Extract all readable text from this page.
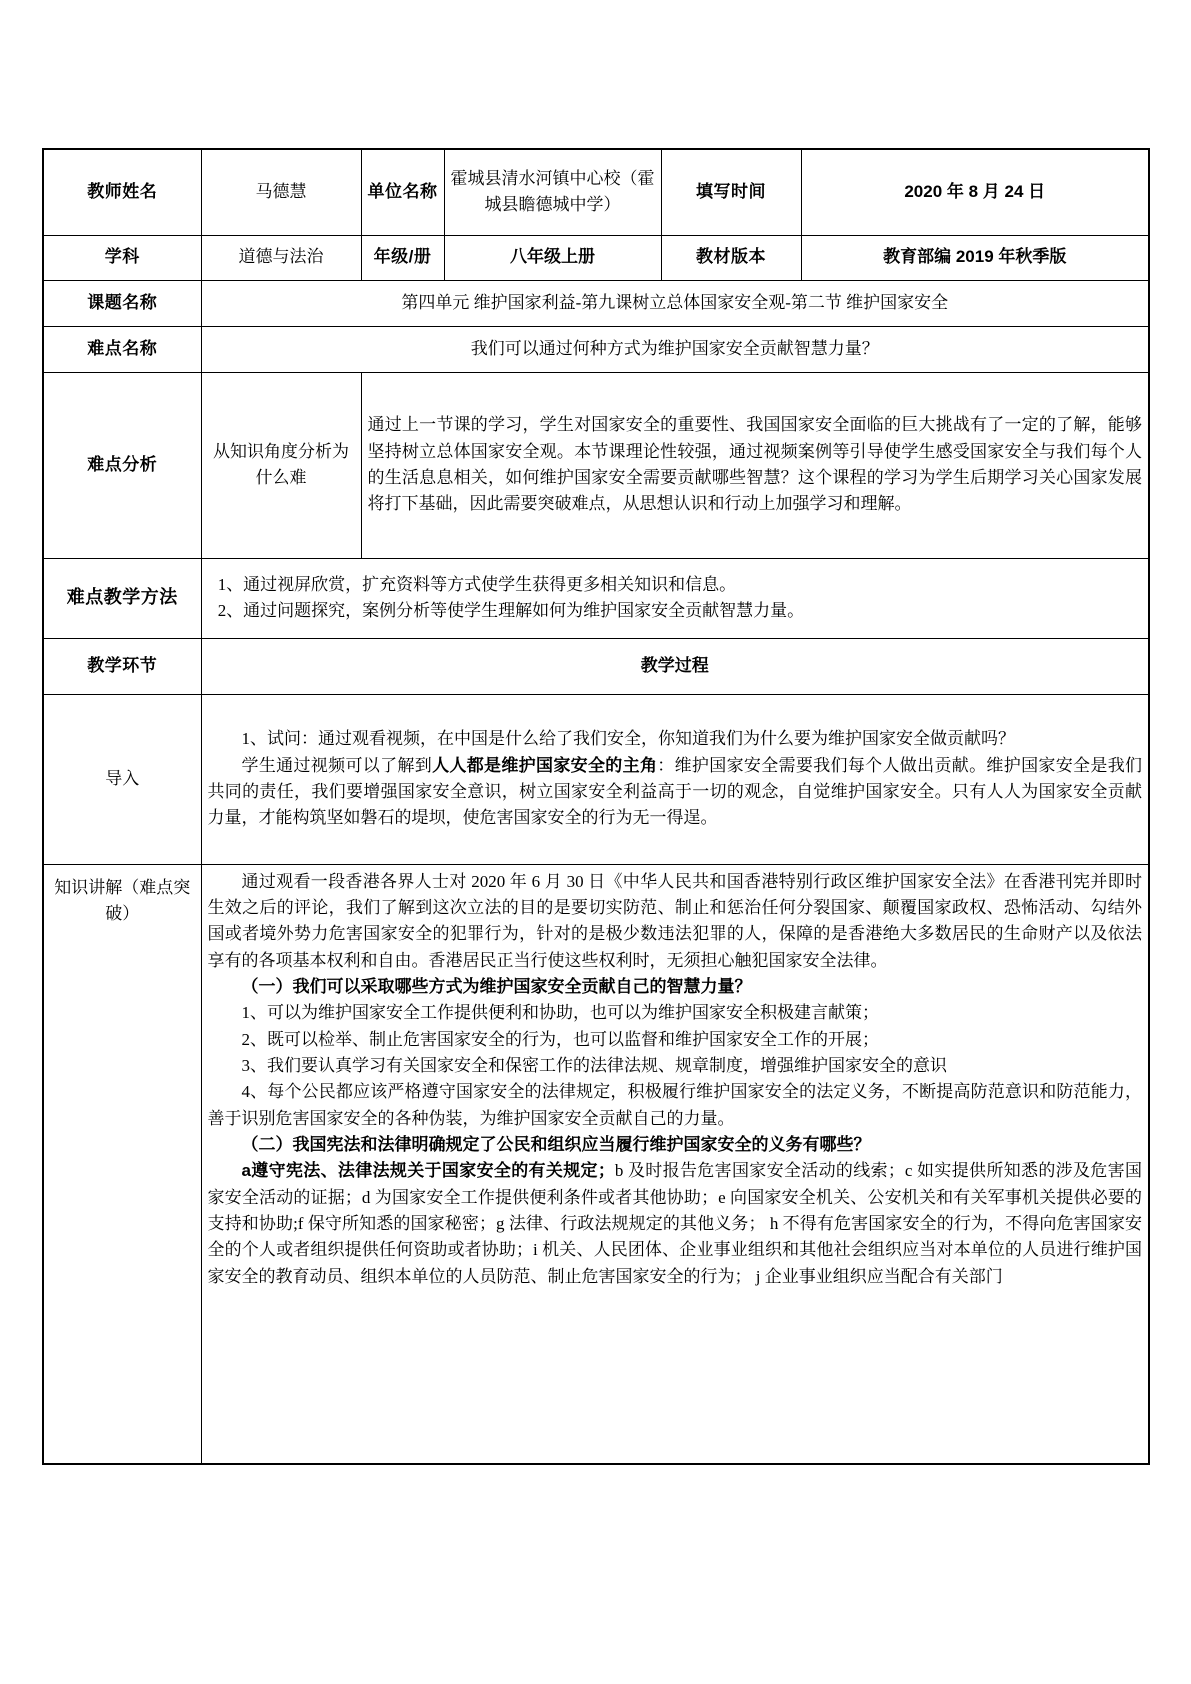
教师姓名	马德慧	单位名称	霍城县清水河镇中心校（霍城县瞻德城中学）	填写时间	2020 年 8 月 24 日
学科	道德与法治	年级/册	八年级上册	教材版本	教育部编 2019 年秋季版
课题名称	第四单元 维护国家利益-第九课树立总体国家安全观-第二节 维护国家安全				
难点名称	我们可以通过何种方式为维护国家安全贡献智慧力量？				
难点分析	从知识角度分析为什么难	通过上一节课的学习，学生对国家安全的重要性、我国国家安全面临的巨大挑战有了一定的了解，能够坚持树立总体国家安全观。本节课理论性较强，通过视频案例等引导使学生感受国家安全与我们每个人的生活息息相关，如何维护国家安全需要贡献哪些智慧？这个课程的学习为学生后期学习关心国家发展将打下基础，因此需要突破难点，从思想认识和行动上加强学习和理解。			

难点教学方法	1、通过视屏欣赏，扩充资料等方式使学生获得更多相关知识和信息。

2、通过问题探究，案例分析等使学生理解如何为维护国家安全贡献智慧力量。				

教学环节	教学过程				
导入	1、试问：通过观看视频，在中国是什么给了我们安全，你知道我们为什么要为维护国家安全做贡献吗？

学生通过视频可以了解到人人都是维护国家安全的主角：维护国家安全需要我们每个人做出贡献。维护国家安全是我们共同的责任，我们要增强国家安全意识，树立国家安全利益高于一切的观念，自觉维护国家安全。只有人人为国家安全贡献力量，才能构筑坚如磐石的堤坝，使危害国家安全的行为无一得逞。				

知识讲解（难点突破）	

通过观看一段香港各界人士对 2020 年 6 月 30 日《中华人民共和国香港特别行政区维护国家安全法》在香港刊宪并即时生效之后的评论，我们了解到这次立法的目的是要切实防范、制止和惩治任何分裂国家、颠覆国家政权、恐怖活动、勾结外国或者境外势力危害国家安全的犯罪行为，针对的是极少数违法犯罪的人，保障的是香港绝大多数居民的生命财产以及依法享有的各项基本权利和自由。香港居民正当行使这些权利时，无须担心触犯国家安全法律。

（一）我们可以采取哪些方式为维护国家安全贡献自己的智慧力量？

1、可以为维护国家安全工作提供便利和协助，也可以为维护国家安全积极建言献策；

2、既可以检举、制止危害国家安全的行为，也可以监督和维护国家安全工作的开展；

3、我们要认真学习有关国家安全和保密工作的法律法规、规章制度，增强维护国家安全的意识

4、每个公民都应该严格遵守国家安全的法律规定，积极履行维护国家安全的法定义务，不断提高防范意识和防范能力，善于识别危害国家安全的各种伪装，为维护国家安全贡献自己的力量。

（二）我国宪法和法律明确规定了公民和组织应当履行维护国家安全的义务有哪些？

a遵守宪法、法律法规关于国家安全的有关规定；b 及时报告危害国家安全活动的线索；c 如实提供所知悉的涉及危害国家安全活动的证据；d 为国家安全工作提供便利条件或者其他协助；e 向国家安全机关、公安机关和有关军事机关提供必要的支持和协助;f 保守所知悉的国家秘密；g 法律、行政法规规定的其他义务； h 不得有危害国家安全的行为，不得向危害国家安全的个人或者组织提供任何资助或者协助；i 机关、人民团体、企业事业组织和其他社会组织应当对本单位的人员进行维护国家安全的教育动员、组织本单位的人员防范、制止危害国家安全的行为； j 企业事业组织应当配合有关部门
